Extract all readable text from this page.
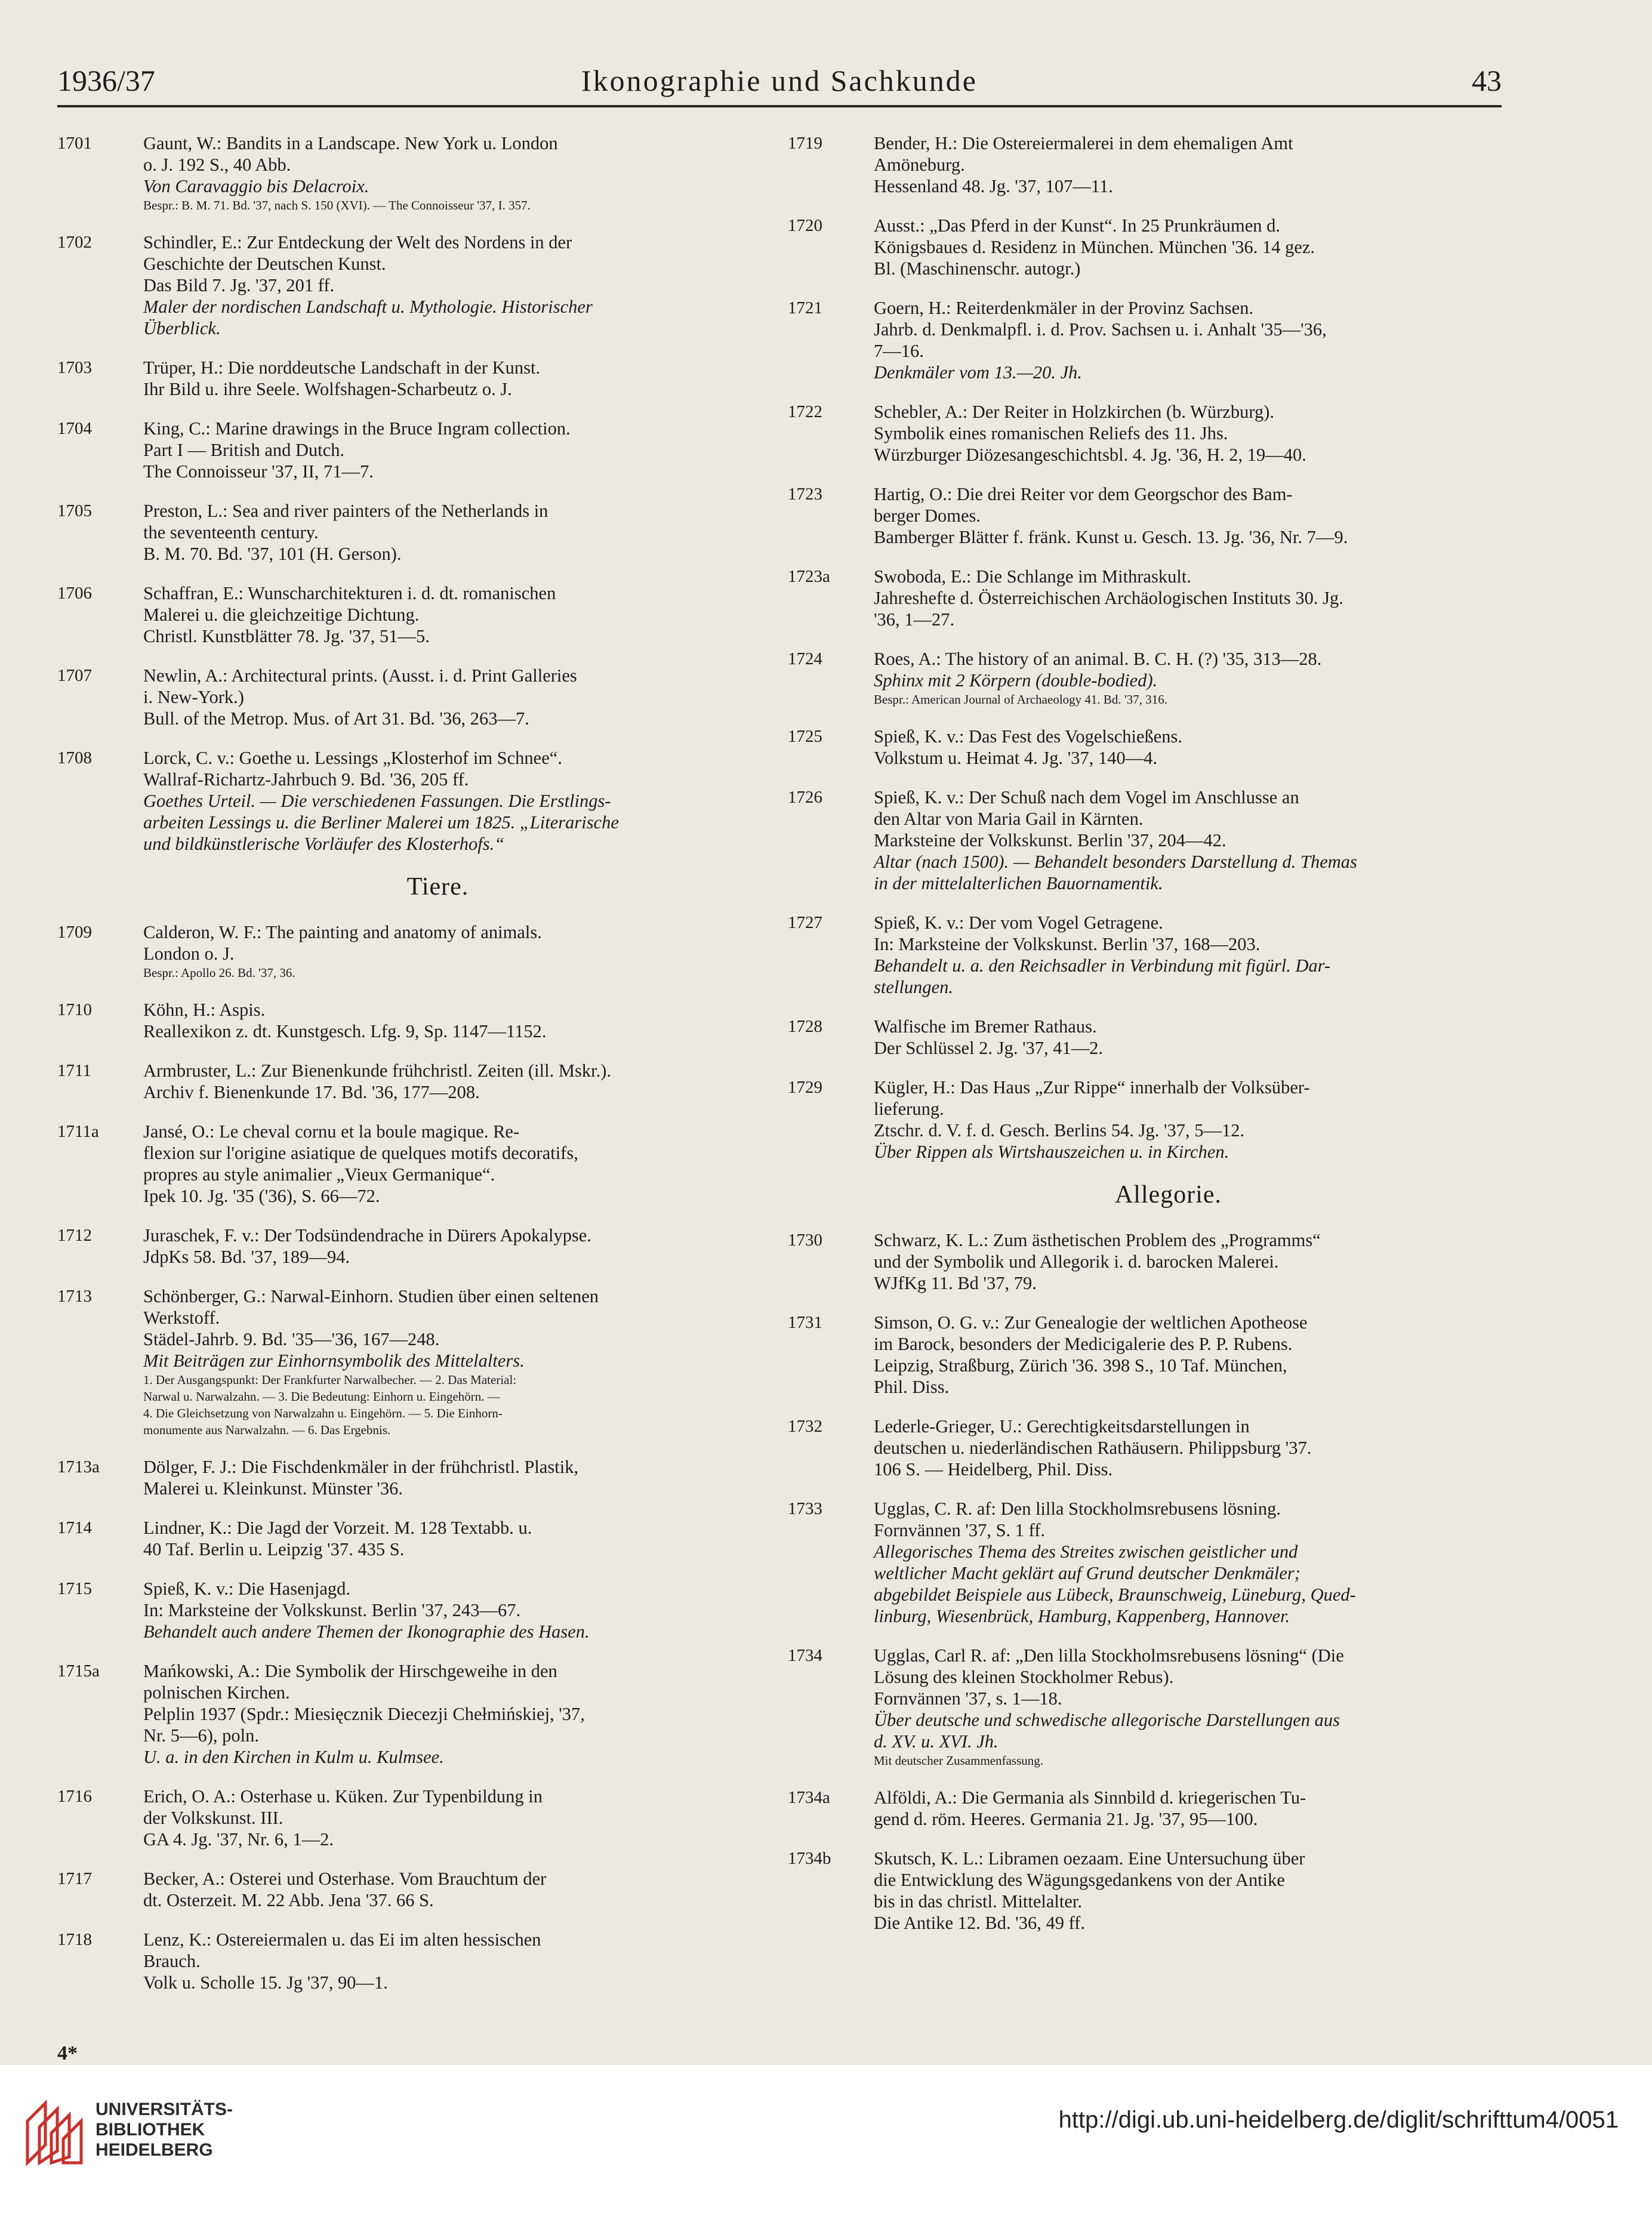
1936/37	Ikonographie und Sachkunde	43
1701	Gaunt, W.: Bandits in a Landscape. New York u. London
o. J. 192 S., 40 Abb.
Von Caravaggio bis Delacroix.
Bespr.: B. M. 71. Bd. '37, nach S. 150 (XVI). — The Connoisseur '37, I. 357.
1702	Schindler, E.: Zur Entdeckung der Welt des Nordens in der
Geschichte der Deutschen Kunst.
Das Bild 7. Jg. '37, 201 ff.
Maler der nordischen Landschaft u. Mythologie. Historischer
Überblick.
1703	Trüper, H.: Die norddeutsche Landschaft in der Kunst.
Ihr Bild u. ihre Seele. Wolfshagen-Scharbeutz o. J.
1704	King, C.: Marine drawings in the Bruce Ingram collection.
Part I — British and Dutch.
The Connoisseur '37, II, 71—7.
1705	Preston, L.: Sea and river painters of the Netherlands in
the seventeenth century.
B. M. 70. Bd. '37, 101 (H. Gerson).
1706	Schaffran, E.: Wunscharchitekturen i. d. dt. romanischen
Malerei u. die gleichzeitige Dichtung.
Christl. Kunstblätter 78. Jg. '37, 51—5.
1707	Newlin, A.: Architectural prints. (Ausst. i. d. Print Galleries
i. New-York.)
Bull. of the Metrop. Mus. of Art 31. Bd. '36, 263—7.
1708	Lorck, C. v.: Goethe u. Lessings „Klosterhof im Schnee“.
Wallraf-Richartz-Jahrbuch 9. Bd. '36, 205 ff.
Goethes Urteil. — Die verschiedenen Fassungen. Die Erstlings-
arbeiten Lessings u. die Berliner Malerei um 1825. „Literarische
und bildkünstlerische Vorläufer des Klosterhofs.“
Tiere.
1709	Calderon, W. F.: The painting and anatomy of animals.
London o. J.
Bespr.: Apollo 26. Bd. '37, 36.
1710	Köhn, H.: Aspis.
Reallexikon z. dt. Kunstgesch. Lfg. 9, Sp. 1147—1152.
1711	Armbruster, L.: Zur Bienenkunde frühchristl. Zeiten (ill. Mskr.).
Archiv f. Bienenkunde 17. Bd. '36, 177—208.
1711a Jansé, O.: Le cheval cornu et la boule magique. Re-
flexion sur l'origine asiatique de quelques motifs decoratifs,
propres au style animalier „Vieux Germanique“.
Ipek 10. Jg. '35 ('36), S. 66—72.
1712	Juraschek, F. v.: Der Todsündendrache in Dürers Apokalypse.
JdpKs 58. Bd. '37, 189—94.
1713	Schönberger, G.: Narwal-Einhorn. Studien über einen seltenen
Werkstoff.
Städel-Jahrb. 9. Bd. '35—'36, 167—248.
Mit Beiträgen zur Einhornsymbolik des Mittelalters.
1. Der Ausgangspunkt: Der Frankfurter Narwalbecher. — 2. Das Material:
Narwal u. Narwalzahn. — 3. Die Bedeutung: Einhorn u. Eingehörn. —
4. Die Gleichsetzung von Narwalzahn u. Eingehörn. — 5. Die Einhorn-
monumente aus Narwalzahn. — 6. Das Ergebnis.
1713a Dölger, F. J.: Die Fischdenkmäler in der frühchristl. Plastik,
Malerei u. Kleinkunst. Münster '36.
1714	Lindner, K.: Die Jagd der Vorzeit. M. 128 Textabb. u.
40 Taf. Berlin u. Leipzig '37. 435 S.
1715	Spieß, K. v.: Die Hasenjagd.
In: Marksteine der Volkskunst. Berlin '37, 243—67.
Behandelt auch andere Themen der Ikonographie des Hasen.
1715a Mańkowski, A.: Die Symbolik der Hirschgeweihe in den
polnischen Kirchen.
Pelplin 1937 (Spdr.: Miesięcznik Diecezji Chełmińskiej, '37,
Nr. 5—6), poln.
U. a. in den Kirchen in Kulm u. Kulmsee.
1716	Erich, O. A.: Osterhase u. Küken. Zur Typenbildung in
der Volkskunst. III.
GA 4. Jg. '37, Nr. 6, 1—2.
1717	Becker, A.: Osterei und Osterhase. Vom Brauchtum der
dt. Osterzeit. M. 22 Abb. Jena '37. 66 S.
1718	Lenz, K.: Ostereiermalen u. das Ei im alten hessischen
Brauch.
Volk u. Scholle 15. Jg '37, 90—1.
1719	Bender, H.: Die Ostereiermalerei in dem ehemaligen Amt
Amöneburg.
Hessenland 48. Jg. '37, 107—11.
1720	Ausst.: „Das Pferd in der Kunst“. In 25 Prunkräumen d.
Königsbaues d. Residenz in München. München '36. 14 gez.
Bl. (Maschinenschr. autogr.)
1721	Goern, H.: Reiterdenkmäler in der Provinz Sachsen.
Jahrb. d. Denkmalpfl. i. d. Prov. Sachsen u. i. Anhalt '35—'36,
7—16.
Denkmäler vom 13.—20. Jh.
1722	Schebler, A.: Der Reiter in Holzkirchen (b. Würzburg).
Symbolik eines romanischen Reliefs des 11. Jhs.
Würzburger Diözesangeschichtsbl. 4. Jg. '36, H. 2, 19—40.
1723	Hartig, O.: Die drei Reiter vor dem Georgschor des Bam-
berger Domes.
Bamberger Blätter f. fränk. Kunst u. Gesch. 13. Jg. '36, Nr. 7—9.
1723a Swoboda, E.: Die Schlange im Mithraskult.
Jahreshefte d. Österreichischen Archäologischen Instituts 30. Jg.
'36, 1—27.
1724	Roes, A.: The history of an animal. B. C. H. (?) '35, 313—28.
Sphinx mit 2 Körpern (double-bodied).
Bespr.: American Journal of Archaeology 41. Bd. '37, 316.
1725	Spieß, K. v.: Das Fest des Vogelschießens.
Volkstum u. Heimat 4. Jg. '37, 140—4.
1726	Spieß, K. v.: Der Schuß nach dem Vogel im Anschlusse an
den Altar von Maria Gail in Kärnten.
Marksteine der Volkskunst. Berlin '37, 204—42.
Altar (nach 1500). — Behandelt besonders Darstellung d. Themas
in der mittelalterlichen Bauornamentik.
1727	Spieß, K. v.: Der vom Vogel Getragene.
In: Marksteine der Volkskunst. Berlin '37, 168—203.
Behandelt u. a. den Reichsadler in Verbindung mit figürl. Dar-
stellungen.
1728	Walfische im Bremer Rathaus.
Der Schlüssel 2. Jg. '37, 41—2.
1729	Kügler, H.: Das Haus „Zur Rippe“ innerhalb der Volksüber-
lieferung.
Ztschr. d. V. f. d. Gesch. Berlins 54. Jg. '37, 5—12.
Über Rippen als Wirtshauszeichen u. in Kirchen.
Allegorie.
1730	Schwarz, K. L.: Zum ästhetischen Problem des „Programms“
und der Symbolik und Allegorik i. d. barocken Malerei.
WJfKg 11. Bd '37, 79.
1731	Simson, O. G. v.: Zur Genealogie der weltlichen Apotheose
im Barock, besonders der Medicigalerie des P. P. Rubens.
Leipzig, Straßburg, Zürich '36. 398 S., 10 Taf. München,
Phil. Diss.
1732	Lederle-Grieger, U.: Gerechtigkeitsdarstellungen in
deutschen u. niederländischen Rathäusern. Philippsburg '37.
106 S. — Heidelberg, Phil. Diss.
1733	Ugglas, C. R. af: Den lilla Stockholmsrebusens lösning.
Fornvännen '37, S. 1 ff.
Allegorisches Thema des Streites zwischen geistlicher und
weltlicher Macht geklärt auf Grund deutscher Denkmäler;
abgebildet Beispiele aus Lübeck, Braunschweig, Lüneburg, Qued-
linburg, Wiesenbrück, Hamburg, Kappenberg, Hannover.
1734	Ugglas, Carl R. af: „Den lilla Stockholmsrebusens lösning“ (Die
Lösung des kleinen Stockholmer Rebus).
Fornvännen '37, s. 1—18.
Über deutsche und schwedische allegorische Darstellungen aus
d. XV. u. XVI. Jh.
Mit deutscher Zusammenfassung.
1734a Alföldi, A.: Die Germania als Sinnbild d. kriegerischen Tu-
gend d. röm. Heeres. Germania 21. Jg. '37, 95—100.
1734b Skutsch, K. L.: Libramen oezaam. Eine Untersuchung über
die Entwicklung des Wägungsgedankens von der Antike
bis in das christl. Mittelalter.
Die Antike 12. Bd. '36, 49 ff.
4*
UNIVERSITÄTS-
BIBLIOTHEK
HEIDELBERG
http://digi.ub.uni-heidelberg.de/diglit/schrifttum4/0051
